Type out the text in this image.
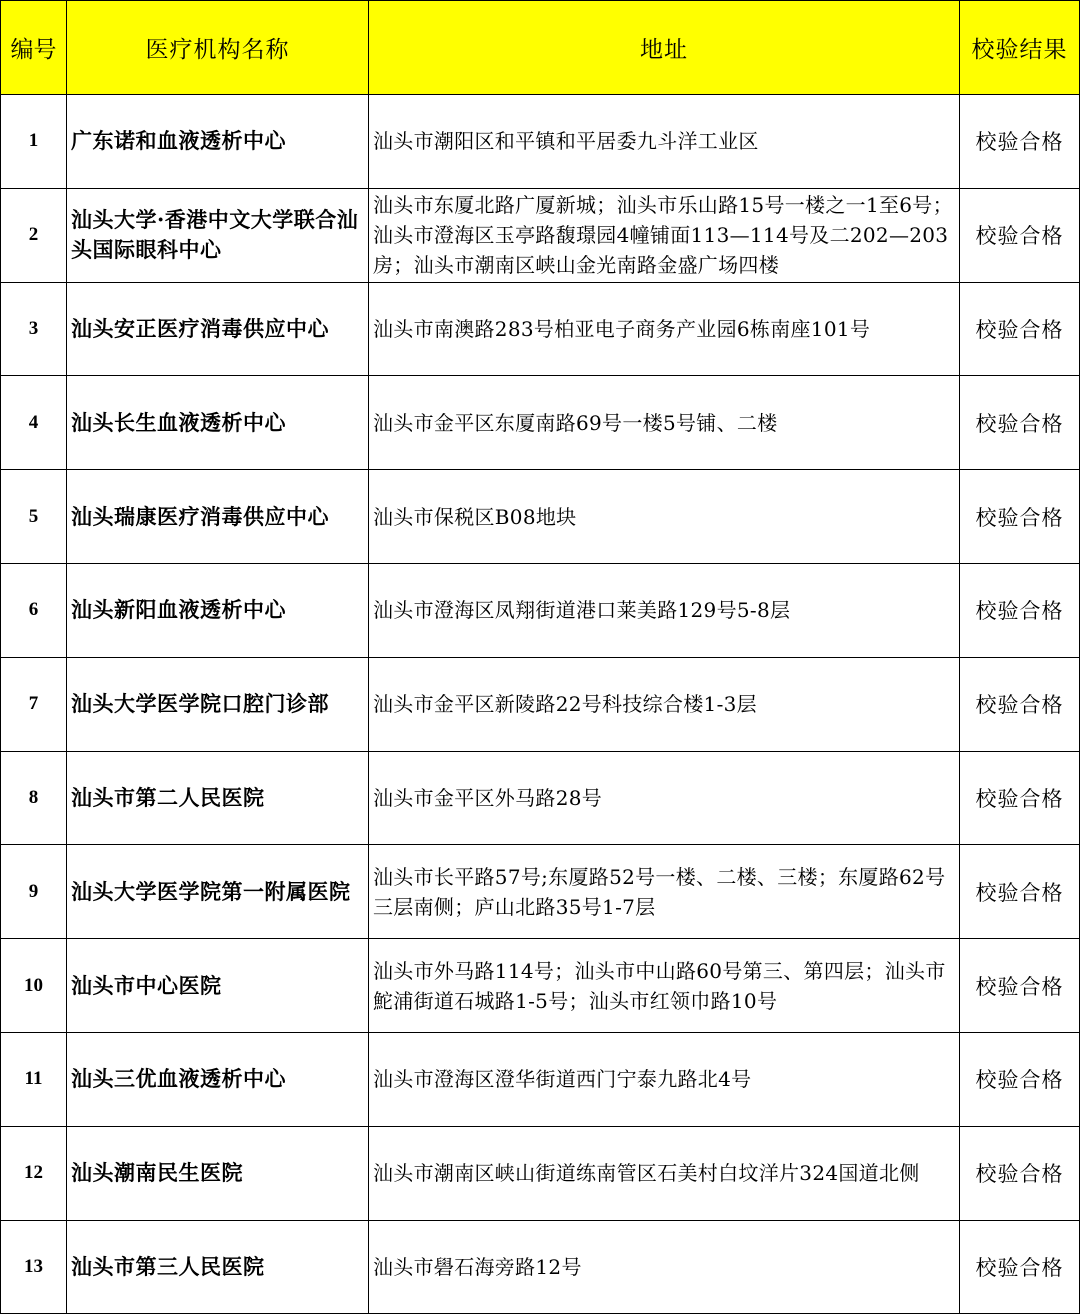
编号	医疗机构名称	地址	校验结果
1	广东诺和血液透析中心	汕头市潮阳区和平镇和平居委九斗洋工业区	校验合格
2	汕头大学·香港中文大学联合汕头国际眼科中心	汕头市东厦北路广厦新城；汕头市乐山路15号一楼之一1至6号；汕头市澄海区玉亭路馥璟园4幢铺面113—114号及二202—203房；汕头市潮南区峡山金光南路金盛广场四楼	校验合格
3	汕头安正医疗消毒供应中心	汕头市南澳路283号柏亚电子商务产业园6栋南座101号	校验合格
4	汕头长生血液透析中心	汕头市金平区东厦南路69号一楼5号铺、二楼	校验合格
5	汕头瑞康医疗消毒供应中心	汕头市保税区B08地块	校验合格
6	汕头新阳血液透析中心	汕头市澄海区凤翔街道港口莱美路129号5-8层	校验合格
7	汕头大学医学院口腔门诊部	汕头市金平区新陵路22号科技综合楼1-3层	校验合格
8	汕头市第二人民医院	汕头市金平区外马路28号	校验合格
9	汕头大学医学院第一附属医院	汕头市长平路57号;东厦路52号一楼、二楼、三楼；东厦路62号三层南侧；庐山北路35号1-7层	校验合格
10	汕头市中心医院	汕头市外马路114号；汕头市中山路60号第三、第四层；汕头市鮀浦街道石城路1-5号；汕头市红领巾路10号	校验合格
11	汕头三优血液透析中心	汕头市澄海区澄华街道西门宁泰九路北4号	校验合格
12	汕头潮南民生医院	汕头市潮南区峡山街道练南管区石美村白坟洋片324国道北侧	校验合格
13	汕头市第三人民医院	汕头市礐石海旁路12号	校验合格
